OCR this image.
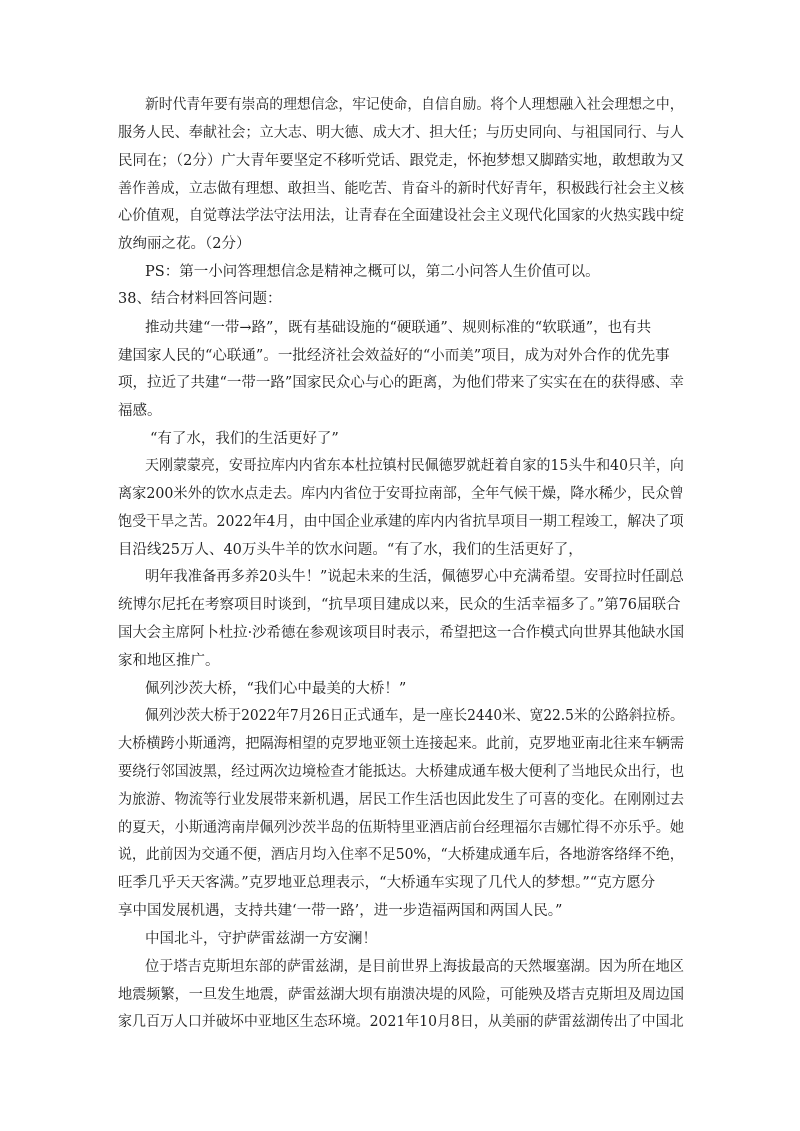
新时代青年要有崇高的理想信念，牢记使命，自信自励。将个人理想融入社会理想之中，
服务人民、奉献社会；立大志、明大德、成大才、担大任；与历史同向、与祖国同行、与人
民同在；（2分）广大青年要坚定不移听党话、跟党走，怀抱梦想又脚踏实地，敢想敢为又
善作善成，立志做有理想、敢担当、能吃苦、肯奋斗的新时代好青年，积极践行社会主义核
心价值观，自觉尊法学法守法用法，让青春在全面建设社会主义现代化国家的火热实践中绽
放绚丽之花。（2分）
PS：第一小问答理想信念是精神之概可以，第二小问答人生价值可以。
38、结合材料回答问题：
推动共建“一带→路”，既有基础设施的“硬联通”、规则标准的“软联通”，也有共
建国家人民的“心联通”。一批经济社会效益好的“小而美”项目，成为对外合作的优先事
项，拉近了共建“一带一路”国家民众心与心的距离，为他们带来了实实在在的获得感、幸
福感。
“有了水，我们的生活更好了”
天刚蒙蒙亮，安哥拉库内内省东本杜拉镇村民佩德罗就赶着自家的15头牛和40只羊，向
离家200米外的饮水点走去。库内内省位于安哥拉南部，全年气候干燥，降水稀少，民众曾
饱受干旱之苦。2022年4月，由中国企业承建的库内内省抗旱项目一期工程竣工，解决了项
目沿线25万人、40万头牛羊的饮水问题。“有了水，我们的生活更好了，
明年我准备再多养20头牛！”说起未来的生活，佩德罗心中充满希望。安哥拉时任副总
统博尔尼托在考察项目时谈到，“抗旱项目建成以来，民众的生活幸福多了。”第76届联合
国大会主席阿卜杜拉·沙希德在参观该项目时表示，希望把这一合作模式向世界其他缺水国
家和地区推广。
佩列沙茨大桥，“我们心中最美的大桥！”
佩列沙茨大桥于2022年7月26日正式通车，是一座长2440米、宽22.5米的公路斜拉桥。
大桥横跨小斯通湾，把隔海相望的克罗地亚领土连接起来。此前，克罗地亚南北往来车辆需
要绕行邻国波黑，经过两次边境检查才能抵达。大桥建成通车极大便利了当地民众出行，也
为旅游、物流等行业发展带来新机遇，居民工作生活也因此发生了可喜的变化。在刚刚过去
的夏天，小斯通湾南岸佩列沙茨半岛的伍斯特里亚酒店前台经理福尔吉娜忙得不亦乐乎。她
说，此前因为交通不便，酒店月均入住率不足50%，“大桥建成通车后，各地游客络绎不绝，
旺季几乎天天客满。”克罗地亚总理表示，“大桥通车实现了几代人的梦想。”“克方愿分
享中国发展机遇，支持共建‘一带一路’，进一步造福两国和两国人民。”
中国北斗，守护萨雷兹湖一方安澜！
位于塔吉克斯坦东部的萨雷兹湖，是目前世界上海拔最高的天然堰塞湖。因为所在地区
地震频繁，一旦发生地震，萨雷兹湖大坝有崩溃决堤的风险，可能殃及塔吉克斯坦及周边国
家几百万人口并破坏中亚地区生态环境。2021年10月8日，从美丽的萨雷兹湖传出了中国北
